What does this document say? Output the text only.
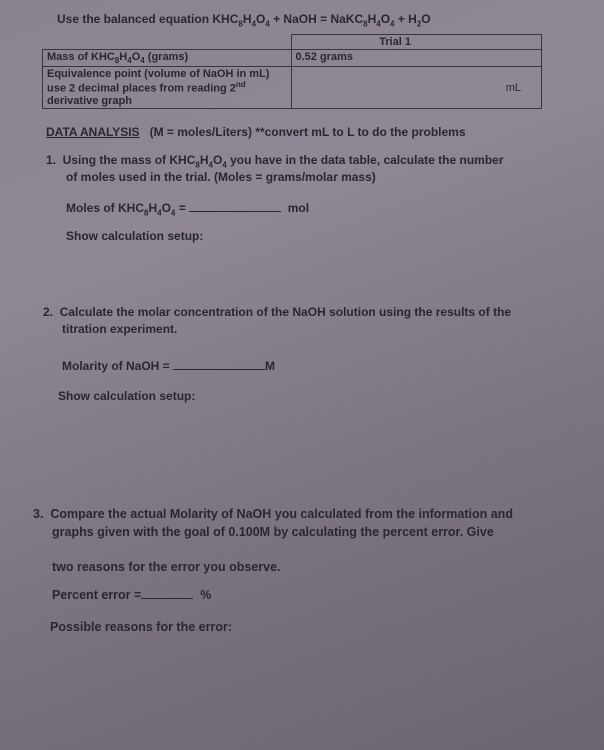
Use the balanced equation $KHC_8H_4O_4$ + NaOH = $NaKC_8H_4O_4 + H_2O$
	Trial 1
Mass of $KHC_8H_4O_4$ (grams)	0.52 grams
Equivalence point (volume of NaOH in mL) use 2 decimal places from reading 2nd derivative graph	mL
DATA ANALYSIS (M = moles/Liters) **convert mL to L to do the problems
1.  Using the mass of $KHC_8H_4O_4$ you have in the data table, calculate the number
of moles used in the trial. (Moles = grams/molar mass)
Moles of $KHC_8H_4O_4$ =	mol
Show calculation setup:
2. Calculate the molar concentration of the NaOH solution using the results of the
titration experiment.
Molarity of NaOH =	M
Show calculation setup:
3. Compare the actual Molarity of NaOH you calculated from the information and
graphs given with the goal of 0.100M by calculating the percent error. Give
two reasons for the error you observe.
Percent error =	%
Possible reasons for the error:
